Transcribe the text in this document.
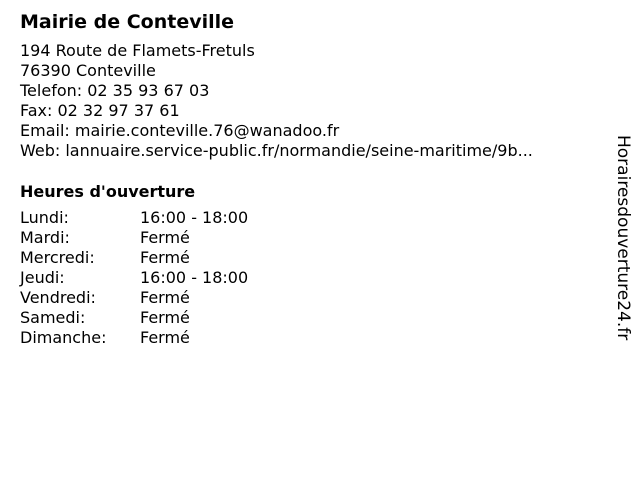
Mairie de Conteville
194 Route de Flamets-Fretuls
76390 Conteville
Telefon: 02 35 93 67 03
Fax: 02 32 97 37 61
Email: mairie.conteville.76@wanadoo.fr
Web: lannuaire.service-public.fr/normandie/seine-maritime/9b...
Heures d'ouverture
Lundi:	16:00 - 18:00
Mardi:	Fermé
Mercredi:	Fermé
Jeudi:	16:00 - 18:00
Vendredi:	Fermé
Samedi:	Fermé
Dimanche:	Fermé	Horairesdouverture24.fr
